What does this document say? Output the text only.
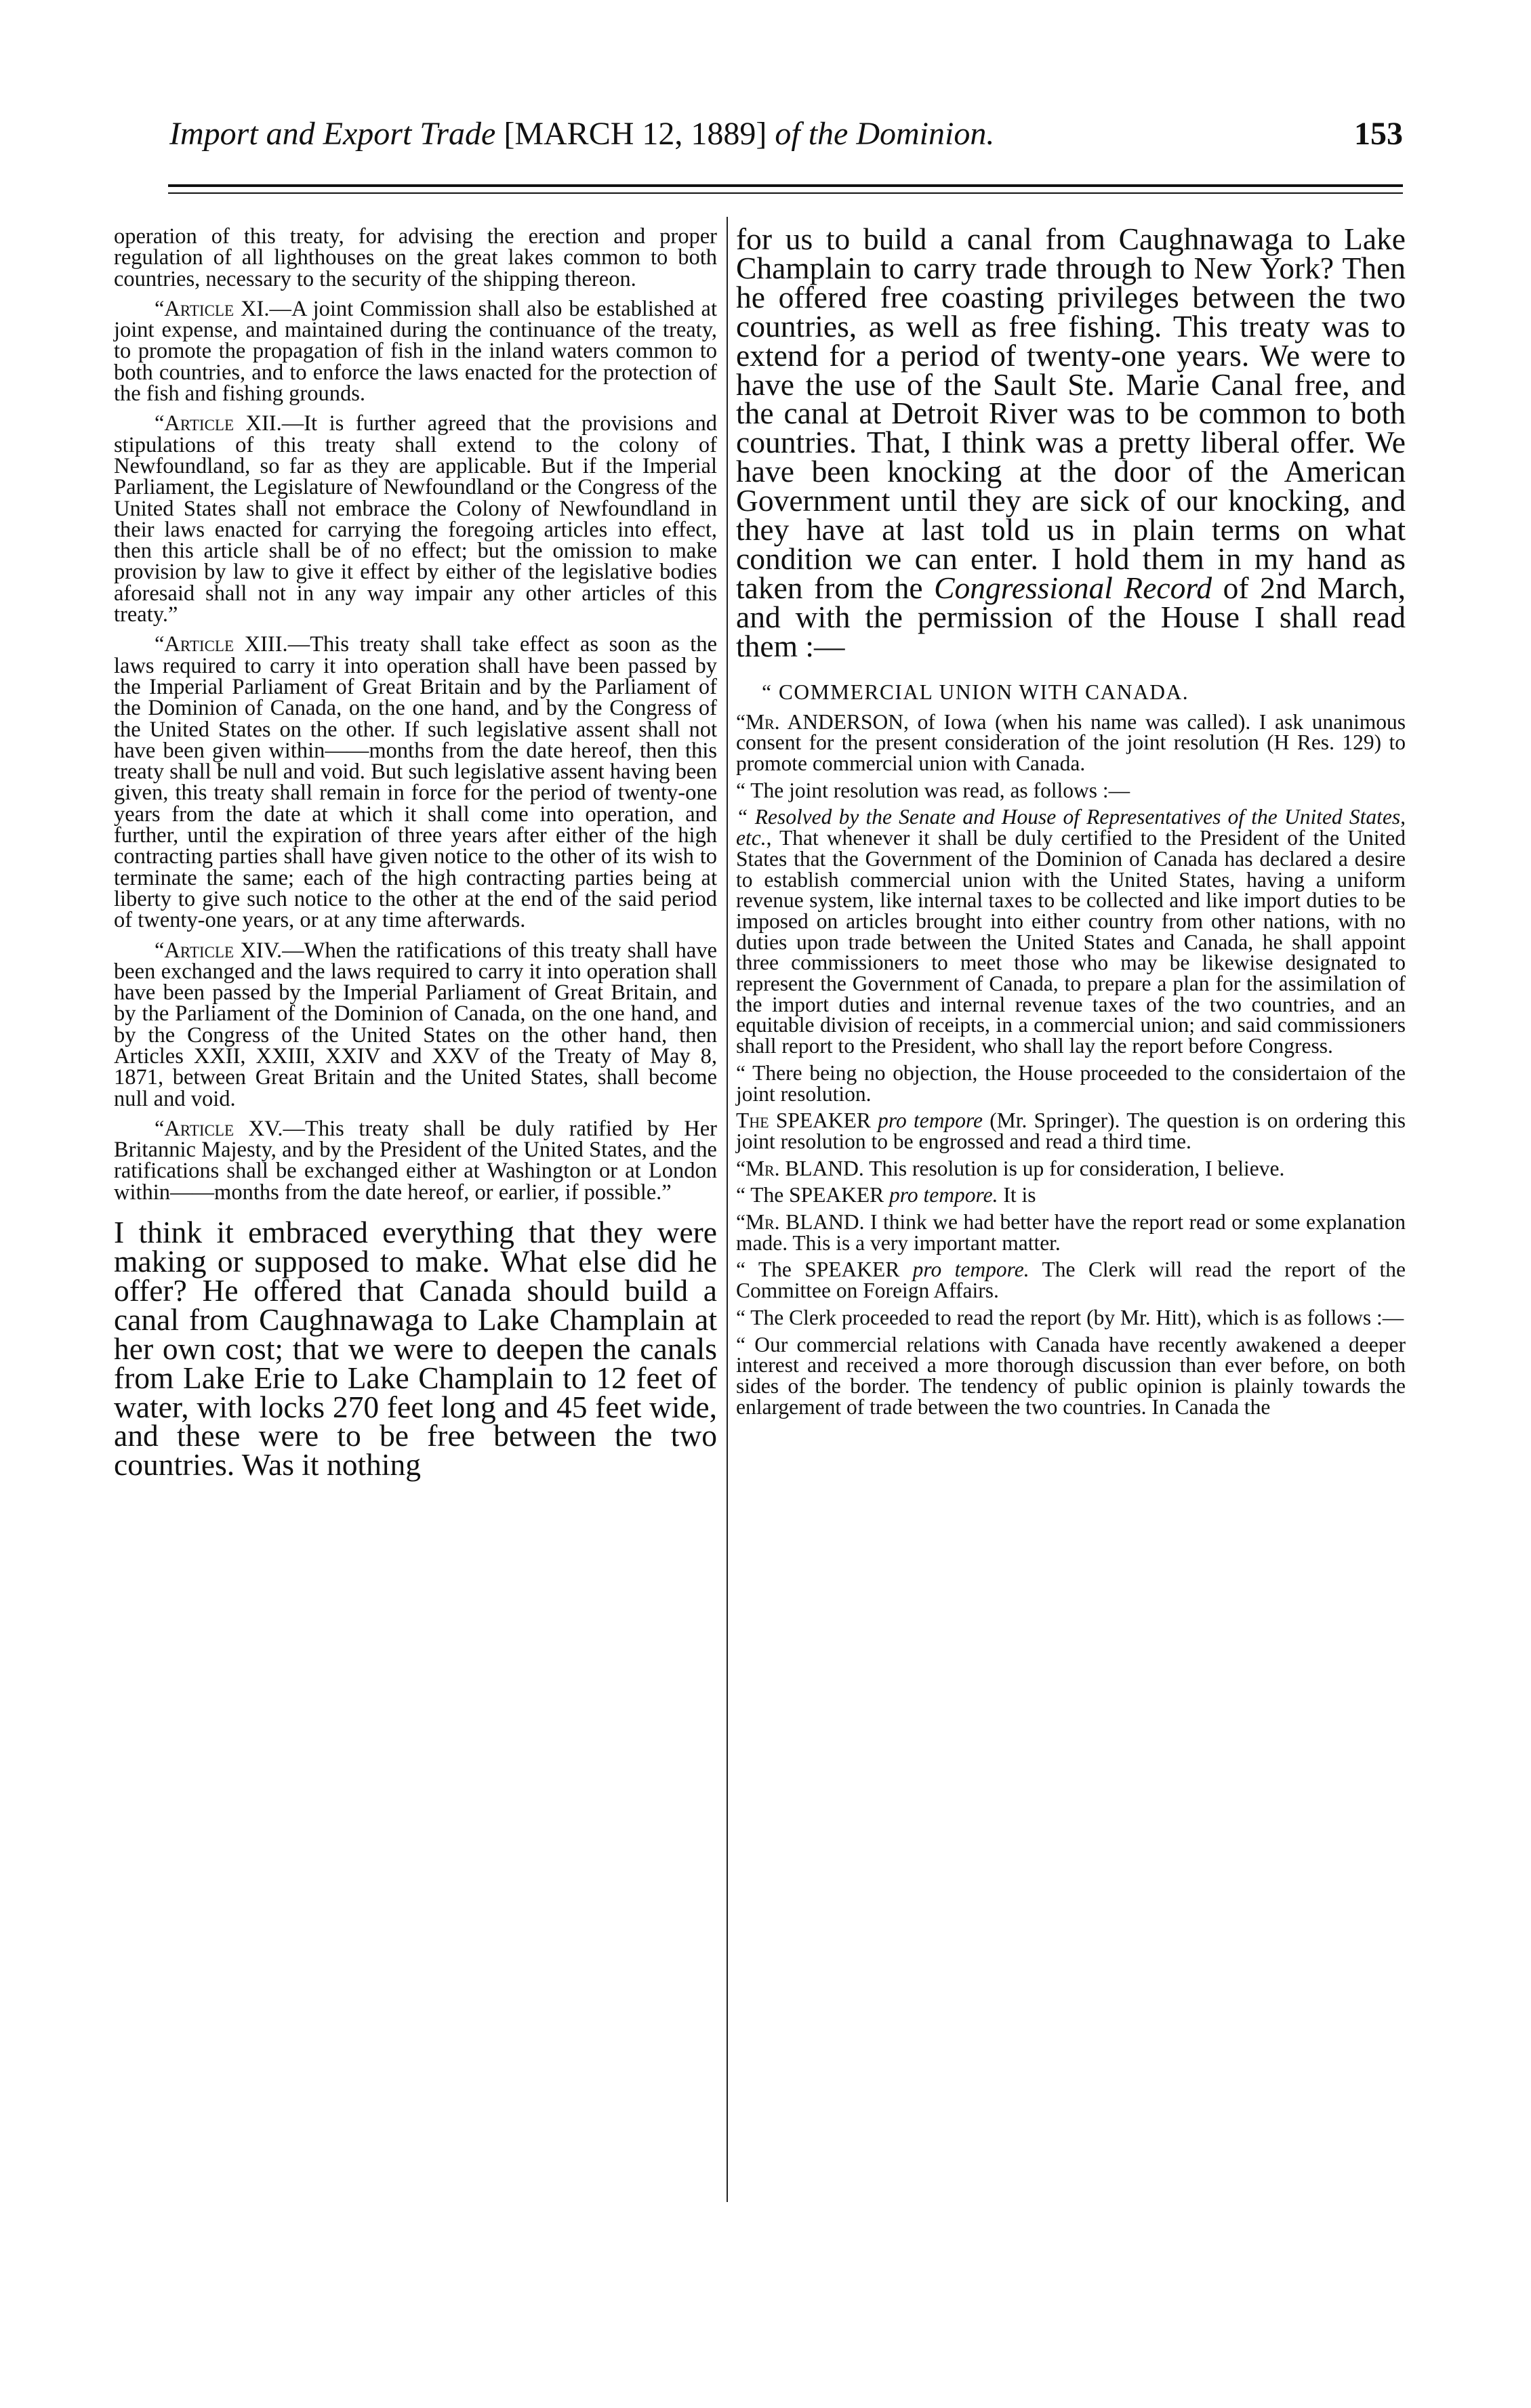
Import and Export Trade [MARCH 12, 1889] of the Dominion.	153

operation of this treaty, for advising the erection and proper regulation of all lighthouses on the great lakes common to both countries, necessary to the security of the shipping thereon.

“Article XI.—A joint Commission shall also be established at joint expense, and maintained during the continuance of the treaty, to promote the propagation of fish in the inland waters common to both countries, and to enforce the laws enacted for the protection of the fish and fishing grounds.

“Article XII.—It is further agreed that the provisions and stipulations of this treaty shall extend to the colony of Newfoundland, so far as they are applicable. But if the Imperial Parliament, the Legislature of Newfoundland or the Congress of the United States shall not embrace the Colony of Newfoundland in their laws enacted for carrying the foregoing articles into effect, then this article shall be of no effect; but the omission to make provision by law to give it effect by either of the legislative bodies aforesaid shall not in any way impair any other articles of this treaty.”

“Article XIII.—This treaty shall take effect as soon as the laws required to carry it into operation shall have been passed by the Imperial Parliament of Great Britain and by the Parliament of the Dominion of Canada, on the one hand, and by the Congress of the United States on the other. If such legislative assent shall not have been given within——months from the date hereof, then this treaty shall be null and void. But such legislative assent having been given, this treaty shall remain in force for the period of twenty-one years from the date at which it shall come into operation, and further, until the expiration of three years after either of the high contracting parties shall have given notice to the other of its wish to terminate the same; each of the high contracting parties being at liberty to give such notice to the other at the end of the said period of twenty-one years, or at any time afterwards.

“Article XIV.—When the ratifications of this treaty shall have been exchanged and the laws required to carry it into operation shall have been passed by the Imperial Parliament of Great Britain, and by the Parliament of the Dominion of Canada, on the one hand, and by the Congress of the United States on the other hand, then Articles XXII, XXIII, XXIV and XXV of the Treaty of May 8, 1871, between Great Britain and the United States, shall become null and void.

“Article XV.—This treaty shall be duly ratified by Her Britannic Majesty, and by the President of the United States, and the ratifications shall be exchanged either at Washington or at London within——months from the date hereof, or earlier, if possible.”

I think it embraced everything that they were making or supposed to make. What else did he offer? He offered that Canada should build a canal from Caughnawaga to Lake Champlain at her own cost; that we were to deepen the canals from Lake Erie to Lake Champlain to 12 feet of water, with locks 270 feet long and 45 feet wide, and these were to be free between the two countries. Was it nothing

for us to build a canal from Caughnawaga to Lake Champlain to carry trade through to New York? Then he offered free coasting privileges between the two countries, as well as free fishing. This treaty was to extend for a period of twenty-one years. We were to have the use of the Sault Ste. Marie Canal free, and the canal at Detroit River was to be common to both countries. That, I think was a pretty liberal offer. We have been knocking at the door of the American Government until they are sick of our knocking, and they have at last told us in plain terms on what condition we can enter. I hold them in my hand as taken from the Congressional Record of 2nd March, and with the permission of the House I shall read them :—

“ COMMERCIAL UNION WITH CANADA.

“Mr. ANDERSON, of Iowa (when his name was called). I ask unanimous consent for the present consideration of the joint resolution (H Res. 129) to promote commercial union with Canada.

“ The joint resolution was read, as follows :—

“ Resolved by the Senate and House of Representatives of the United States, etc., That whenever it shall be duly certified to the President of the United States that the Government of the Dominion of Canada has declared a desire to establish commercial union with the United States, having a uniform revenue system, like internal taxes to be collected and like import duties to be imposed on articles brought into either country from other nations, with no duties upon trade between the United States and Canada, he shall appoint three commissioners to meet those who may be likewise designated to represent the Government of Canada, to prepare a plan for the assimilation of the import duties and internal revenue taxes of the two countries, and an equitable division of receipts, in a commercial union; and said commissioners shall report to the President, who shall lay the report before Congress.

“ There being no objection, the House proceeded to the considertaion of the joint resolution.

The SPEAKER pro tempore (Mr. Springer). The question is on ordering this joint resolution to be engrossed and read a third time.

“Mr. BLAND. This resolution is up for consideration, I believe.

“ The SPEAKER pro tempore. It is

“Mr. BLAND. I think we had better have the report read or some explanation made. This is a very important matter.

“ The SPEAKER pro tempore. The Clerk will read the report of the Committee on Foreign Affairs.

“ The Clerk proceeded to read the report (by Mr. Hitt), which is as follows :—

“ Our commercial relations with Canada have recently awakened a deeper interest and received a more thorough discussion than ever before, on both sides of the border. The tendency of public opinion is plainly towards the enlargement of trade between the two countries. In Canada the
